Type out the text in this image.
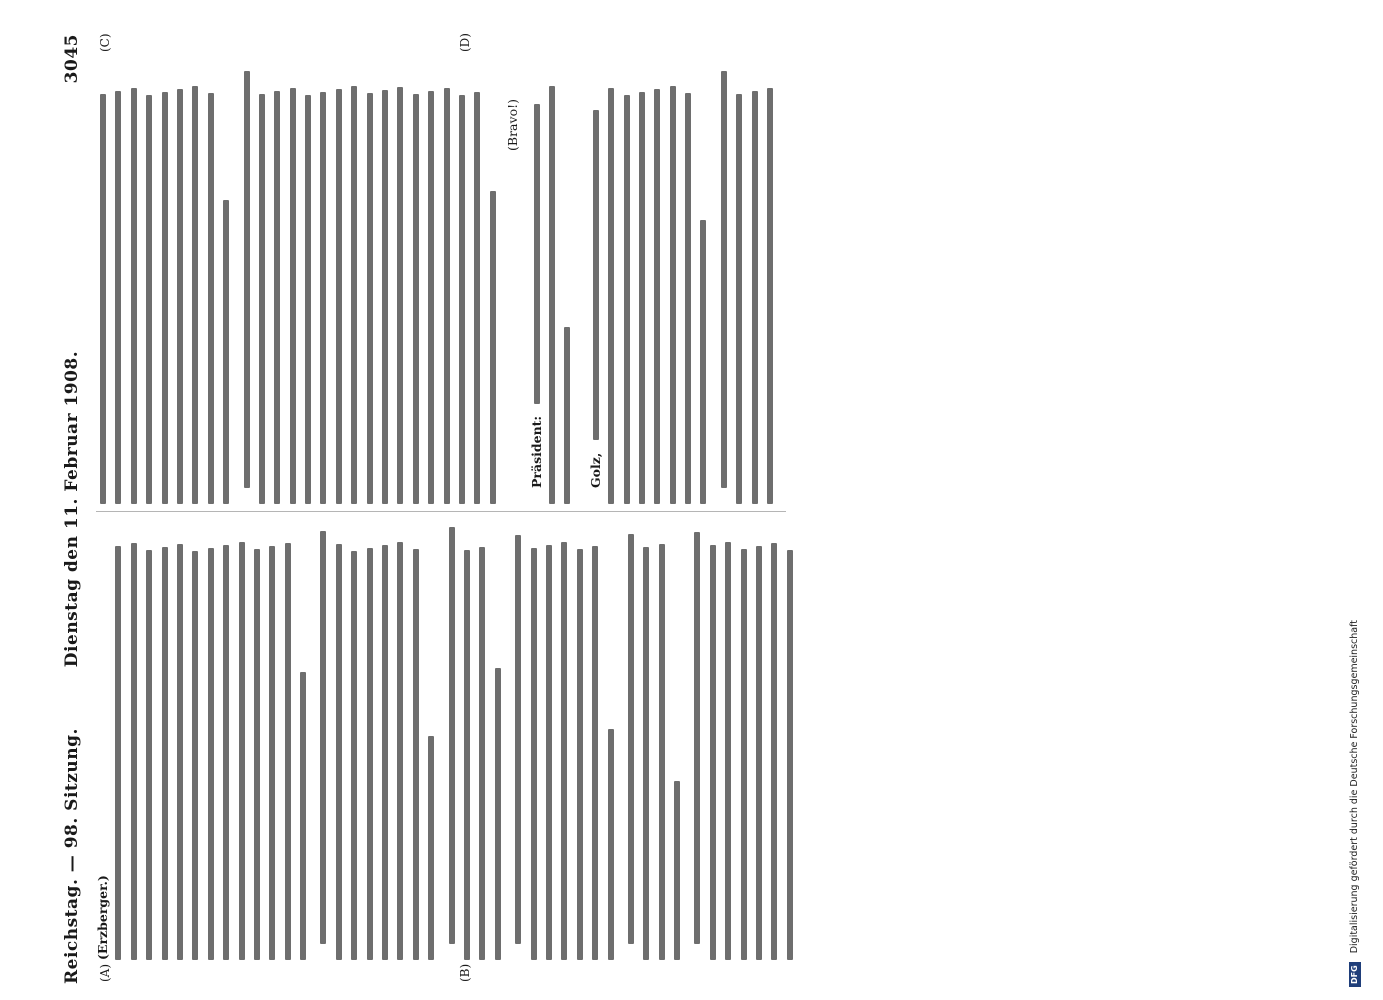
Reichstag. — 98. Sitzung.
Dienstag den 11. Februar 1908.
3045
(A)	(B)
(C)	(D)
(Erzberger.)
(Bravo!)
Präsident:	Golz,
DFG Digitalisierung gefördert durch die Deutsche Forschungsgemeinschaft
